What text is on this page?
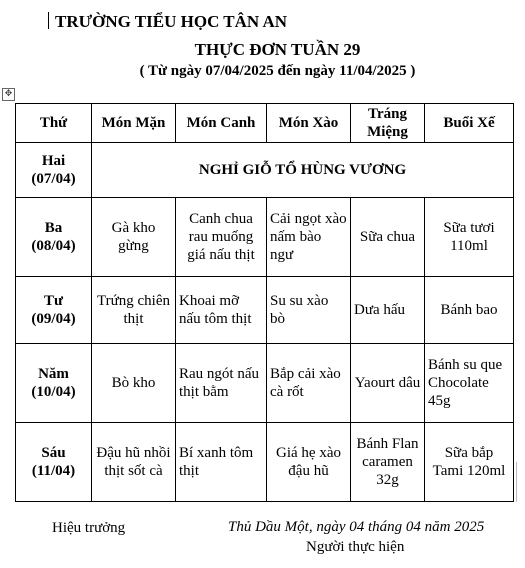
TRƯỜNG TIỂU HỌC TÂN AN
THỰC ĐƠN TUẦN 29
( Từ ngày 07/04/2025 đến ngày 11/04/2025 )
✥
Thứ	Món Mặn	Món Canh	Món Xào	Tráng Miệng	Buổi Xế
Hai
(07/04)	NGHỈ GIỖ TỔ HÙNG VƯƠNG				
Ba
(08/04)	Gà kho gừng	Canh chua rau muống giá nấu thịt	Cải ngọt xào nấm bào ngư	Sữa chua	Sữa tươi 110ml
Tư
(09/04)	Trứng chiên thịt	Khoai mỡ nấu tôm thịt	Su su xào bò	Dưa hấu	Bánh bao
Năm
(10/04)	Bò kho	Rau ngót nấu thịt bằm	Bắp cải xào cà rốt	Yaourt dâu	Bánh su que Chocolate 45g
Sáu
(11/04)	Đậu hũ nhồi thịt sốt cà	Bí xanh tôm thịt	Giá hẹ xào đậu hũ	Bánh Flan caramen 32g	Sữa bắp Tami 120ml
Hiệu trưởng	Thủ Dầu Một, ngày 04 tháng 04 năm 2025
Người thực hiện
